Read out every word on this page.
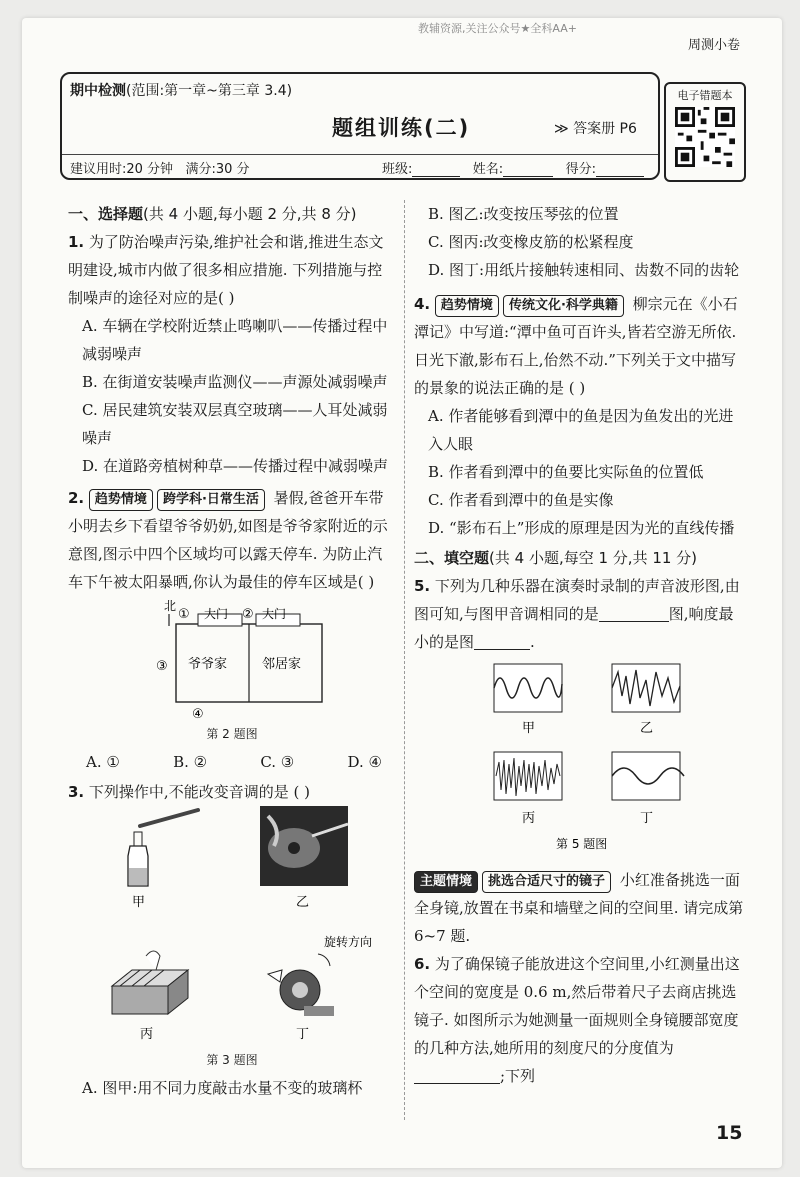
教辅资源,关注公众号★全科AA+
周测小卷
期中检测(范围:第一章~第三章 3.4)
题组训练(二)	≫ 答案册 P6
建议用时:20 分钟 满分:30 分	班级:	姓名:	得分:
电子错题本
一、选择题(共 4 小题,每小题 2 分,共 8 分)
1. 为了防治噪声污染,维护社会和谐,推进生态文明建设,城市内做了很多相应措施. 下列措施与控制噪声的途径对应的是( )
A. 车辆在学校附近禁止鸣喇叭——传播过程中减弱噪声
B. 在街道安装噪声监测仪——声源处减弱噪声
C. 居民建筑安装双层真空玻璃——人耳处减弱噪声
D. 在道路旁植树种草——传播过程中减弱噪声
2. 趋势情境 跨学科·日常生活 暑假,爸爸开车带小明去乡下看望爷爷奶奶,如图是爷爷家附近的示意图,图示中四个区域均可以露天停车. 为防止汽车下午被太阳暴晒,你认为最佳的停车区域是( )
北
① 大门 ② 大门
③ 爷爷家	邻居家
④
第 2 题图
A. ①	B. ②	C. ③	D. ④
3. 下列操作中,不能改变音调的是 ( )
甲	乙
丙
旋转方向
丁
第 3 题图
A. 图甲:用不同力度敲击水量不变的玻璃杯
B. 图乙:改变按压琴弦的位置
C. 图丙:改变橡皮筋的松紧程度
D. 图丁:用纸片接触转速相同、齿数不同的齿轮
4. 趋势情境 传统文化·科学典籍 柳宗元在《小石潭记》中写道:“潭中鱼可百许头,皆若空游无所依. 日光下澈,影布石上,佁然不动.”下列关于文中描写的景象的说法正确的是 ( )
A. 作者能够看到潭中的鱼是因为鱼发出的光进入人眼
B. 作者看到潭中的鱼要比实际鱼的位置低
C. 作者看到潭中的鱼是实像
D. “影布石上”形成的原理是因为光的直线传播
二、填空题(共 4 小题,每空 1 分,共 11 分)
5. 下列为几种乐器在演奏时录制的声音波形图,由图可知,与图甲音调相同的是	图,响度最小的是图	.
甲	乙
丙	丁
第 5 题图
主题情境 挑选合适尺寸的镜子 小红准备挑选一面全身镜,放置在书桌和墙壁之间的空间里. 请完成第 6~7 题.
6. 为了确保镜子能放进这个空间里,小红测量出这个空间的宽度是 0.6 m,然后带着尺子去商店挑选镜子. 如图所示为她测量一面规则全身镜腰部宽度的几种方法,她所用的刻度尺的分度值为;下列
15
